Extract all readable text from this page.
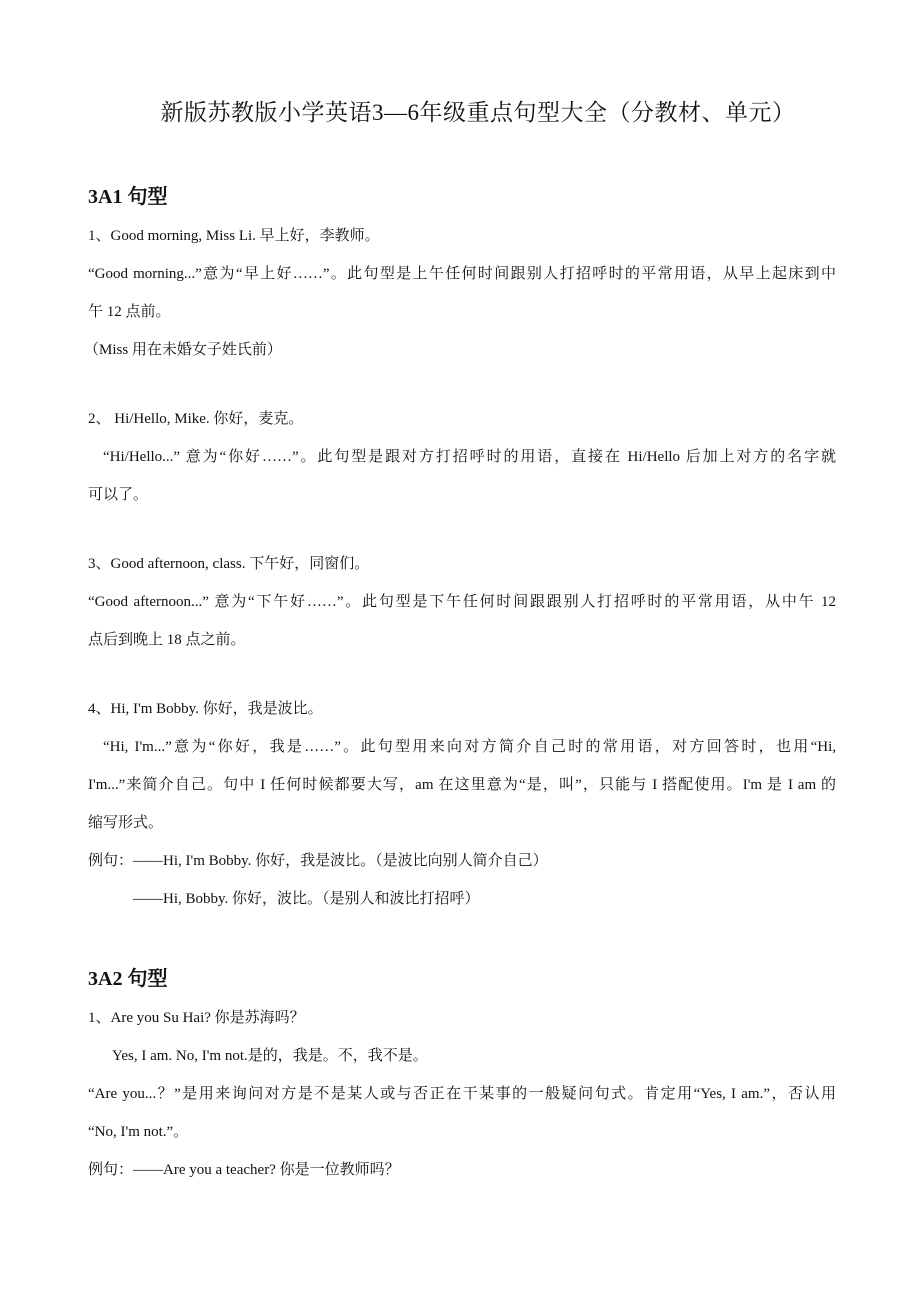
新版苏教版小学英语3—6年级重点句型大全（分教材、单元）
3A1 句型
1、Good morning, Miss Li. 早上好，李教师。
“Good morning...”意为“早上好……”。此句型是上午任何时间跟别人打招呼时的平常用语，从早上起床到中
午 12 点前。
（Miss 用在未婚女子姓氏前）
2、 Hi/Hello, Mike. 你好，麦克。
“Hi/Hello...” 意为“你好……”。此句型是跟对方打招呼时的用语，直接在 Hi/Hello 后加上对方的名字就
可以了。
3、Good afternoon, class. 下午好，同窗们。
“Good afternoon...” 意为“下午好……”。此句型是下午任何时间跟跟别人打招呼时的平常用语，从中午 12
点后到晚上 18 点之前。
4、Hi, I'm Bobby. 你好，我是波比。
“Hi, I'm...”意为“你好，我是……”。此句型用来向对方简介自己时的常用语，对方回答时，也用“Hi,
I'm...”来简介自己。句中 I 任何时候都要大写，am 在这里意为“是，叫”，只能与 I 搭配使用。I'm 是 I am 的
缩写形式。
例句：——Hi, I'm Bobby. 你好，我是波比。（是波比向别人简介自己）
——Hi, Bobby. 你好，波比。（是别人和波比打招呼）
3A2 句型
1、Are you Su Hai? 你是苏海吗？
Yes, I am. No, I'm not.是的，我是。不，我不是。
“Are you...？”是用来询问对方是不是某人或与否正在干某事的一般疑问句式。肯定用“Yes, I am.”，否认用
“No, I'm not.”。
例句：——Are you a teacher? 你是一位教师吗？
